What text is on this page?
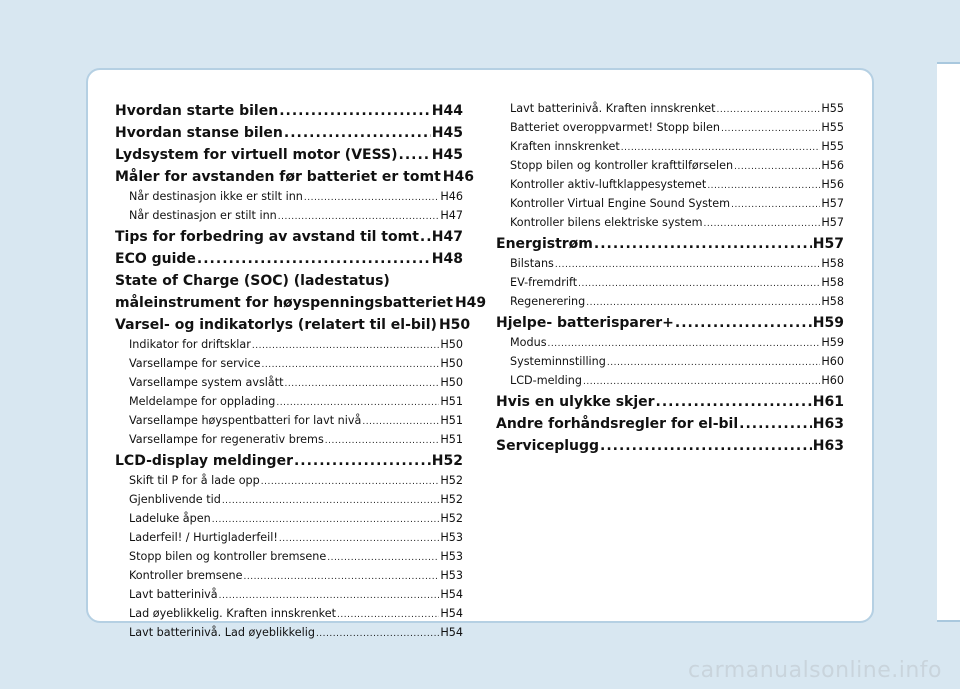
Hvordan starte bilen .....	H44
Hvordan stanse bilen .....	H45
Lydsystem for virtuell motor (VESS) ..... H45
Måler for avstanden før batteriet er tomt H46
Når destinasjon ikke er stilt inn .....	H46
Når destinasjon er stilt inn .....	H47
Tips for forbedring av avstand til tomt ..... H47
ECO guide .....	H48
State of Charge (SOC) (ladestatus)
måleinstrument for høyspenningsbatteriet H49
Varsel- og indikatorlys (relatert til el-bil) H50
Indikator for driftsklar .....	H50
Varsellampe for service .....	H50
Varsellampe system avslått .....	H50
Meldelampe for opplading .....	H51
Varsellampe høyspentbatteri for lavt nivå .....	H51
Varsellampe for regenerativ brems .....	H51
LCD-display meldinger .....	H52
Skift til P for å lade opp .....	H52
Gjenblivende tid .....	H52
Ladeluke åpen .....	H52
Laderfeil! / Hurtigladerfeil! .....	H53
Stopp bilen og kontroller bremsene .....	H53
Kontroller bremsene .....	H53
Lavt batterinivå .....	H54
Lad øyeblikkelig. Kraften innskrenket .....	H54
Lavt batterinivå. Lad øyeblikkelig .....	H54
Lavt batterinivå. Kraften innskrenket .....	H55
Batteriet overoppvarmet! Stopp bilen .....	H55
Kraften innskrenket .....	H55
Stopp bilen og kontroller krafttilførselen .....	H56
Kontroller aktiv-luftklappesystemet .....	H56
Kontroller Virtual Engine Sound System .....	H57
Kontroller bilens elektriske system .....	H57
Energistrøm .....	H57
Bilstans .....	H58
EV-fremdrift .....	H58
Regenerering .....	H58
Hjelpe- batterisparer+ .....	H59
Modus .....	H59
Systeminnstilling .....	H60
LCD-melding .....	H60
Hvis en ulykke skjer .....	H61
Andre forhåndsregler for el-bil .....	H63
Serviceplugg .....	H63
carmanualsonline.info
